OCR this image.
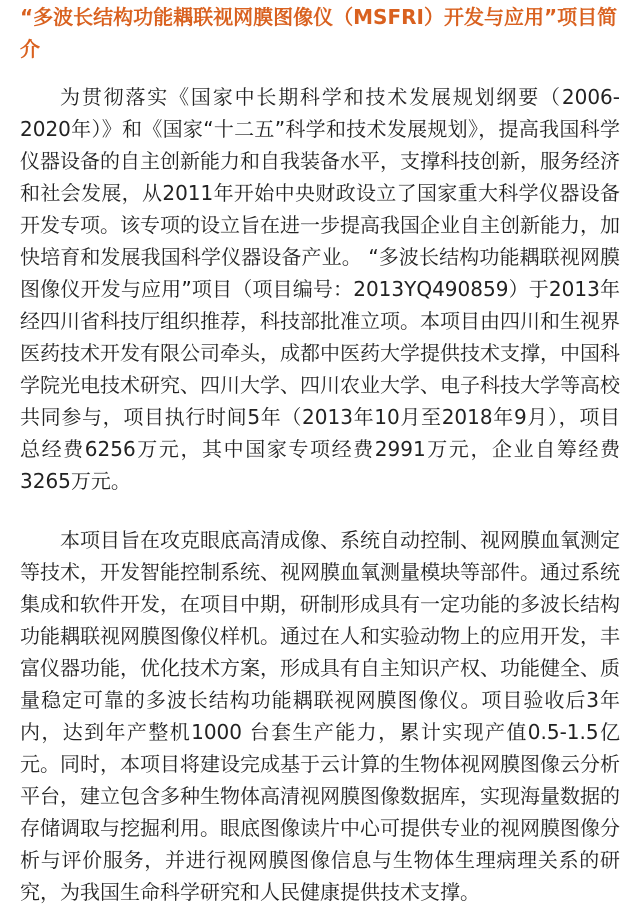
“多波长结构功能耦联视网膜图像仪（MSFRI）开发与应用”项目简介

为贯彻落实《国家中长期科学和技术发展规划纲要（2006-2020年）》和《国家“十二五”科学和技术发展规划》，提高我国科学仪器设备的自主创新能力和自我装备水平，支撑科技创新，服务经济和社会发展，从2011年开始中央财政设立了国家重大科学仪器设备开发专项。该专项的设立旨在进一步提高我国企业自主创新能力，加快培育和发展我国科学仪器设备产业。 “多波长结构功能耦联视网膜图像仪开发与应用”项目（项目编号：2013YQ490859）于2013年经四川省科技厅组织推荐，科技部批准立项。本项目由四川和生视界医药技术开发有限公司牵头，成都中医药大学提供技术支撑，中国科学院光电技术研究、四川大学、四川农业大学、电子科技大学等高校共同参与，项目执行时间5年（2013年10月至2018年9月），项目总经费6256万元，其中国家专项经费2991万元，企业自筹经费3265万元。

本项目旨在攻克眼底高清成像、系统自动控制、视网膜血氧测定等技术，开发智能控制系统、视网膜血氧测量模块等部件。通过系统集成和软件开发，在项目中期，研制形成具有一定功能的多波长结构功能耦联视网膜图像仪样机。通过在人和实验动物上的应用开发，丰富仪器功能，优化技术方案，形成具有自主知识产权、功能健全、质量稳定可靠的多波长结构功能耦联视网膜图像仪。项目验收后3年内，达到年产整机1000 台套生产能力，累计实现产值0.5-1.5亿元。同时，本项目将建设完成基于云计算的生物体视网膜图像云分析平台，建立包含多种生物体高清视网膜图像数据库，实现海量数据的存储调取与挖掘利用。眼底图像读片中心可提供专业的视网膜图像分析与评价服务，并进行视网膜图像信息与生物体生理病理关系的研究，为我国生命科学研究和人民健康提供技术支撑。
